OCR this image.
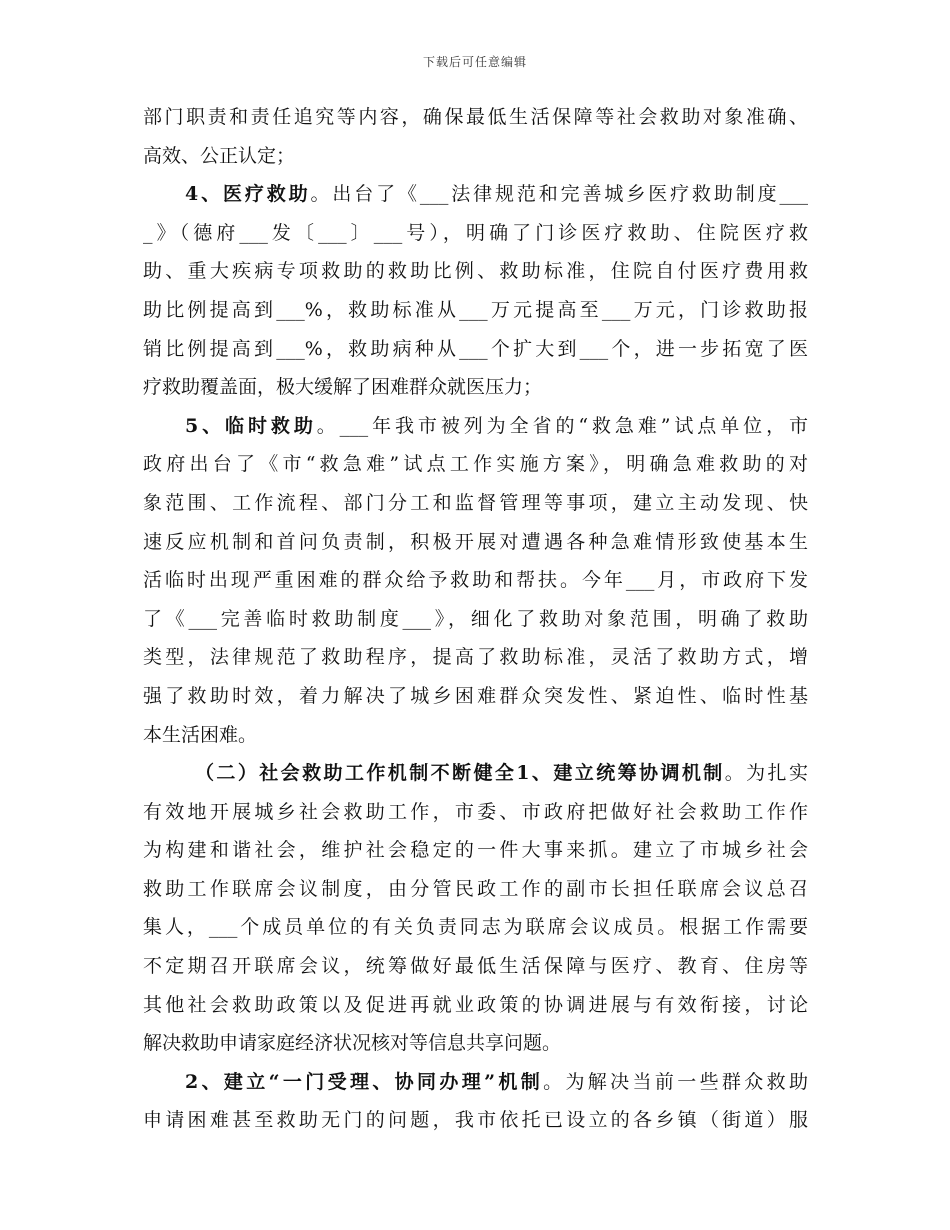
下载后可任意编辑
部门职责和责任追究等内容，确保最低生活保障等社会救助对象准确、
高效、公正认定；
4、医疗救助。出台了《___法律规范和完善城乡医疗救助制度___
_》（德府___发〔___〕___号），明确了门诊医疗救助、住院医疗救
助、重大疾病专项救助的救助比例、救助标准，住院自付医疗费用救
助比例提高到___%，救助标准从___万元提高至___万元，门诊救助报
销比例提高到___%，救助病种从___个扩大到___个，进一步拓宽了医
疗救助覆盖面，极大缓解了困难群众就医压力；
5、临时救助。___年我市被列为全省的“救急难”试点单位，市
政府出台了《市“救急难”试点工作实施方案》，明确急难救助的对
象范围、工作流程、部门分工和监督管理等事项，建立主动发现、快
速反应机制和首问负责制，积极开展对遭遇各种急难情形致使基本生
活临时出现严重困难的群众给予救助和帮扶。今年___月，市政府下发
了《___完善临时救助制度___》，细化了救助对象范围，明确了救助
类型，法律规范了救助程序，提高了救助标准，灵活了救助方式，增
强了救助时效，着力解决了城乡困难群众突发性、紧迫性、临时性基
本生活困难。
（二）社会救助工作机制不断健全1、建立统筹协调机制。为扎实
有效地开展城乡社会救助工作，市委、市政府把做好社会救助工作作
为构建和谐社会，维护社会稳定的一件大事来抓。建立了市城乡社会
救助工作联席会议制度，由分管民政工作的副市长担任联席会议总召
集人，___个成员单位的有关负责同志为联席会议成员。根据工作需要
不定期召开联席会议，统筹做好最低生活保障与医疗、教育、住房等
其他社会救助政策以及促进再就业政策的协调进展与有效衔接，讨论
解决救助申请家庭经济状况核对等信息共享问题。
2、建立“一门受理、协同办理”机制。为解决当前一些群众救助
申请困难甚至救助无门的问题，我市依托已设立的各乡镇（街道）服
